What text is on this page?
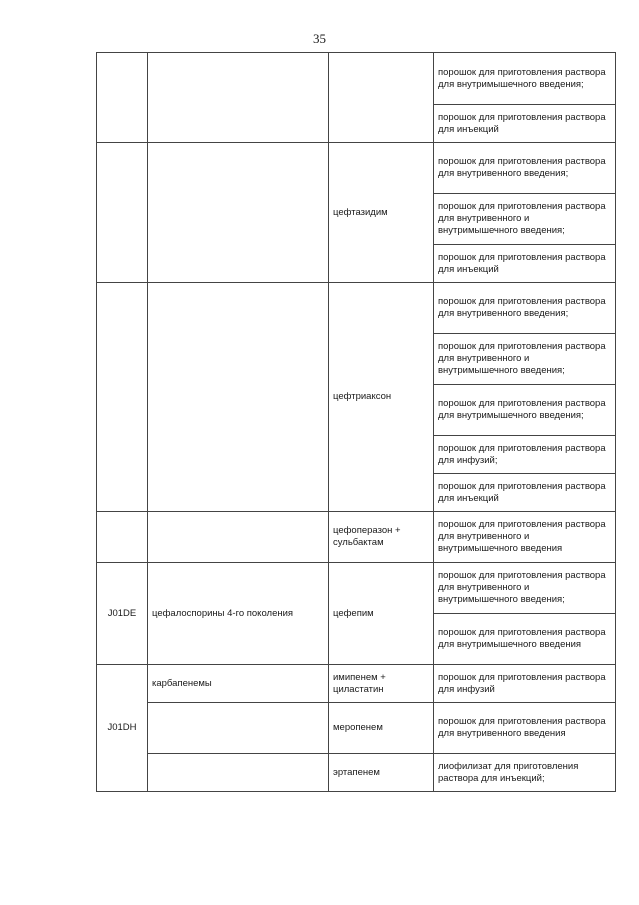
35
			порошок для приготовления раствора для внутримышечного введения;
			порошок для приготовления раствора для инъекций
		цефтазидим	порошок для приготовления раствора для внутривенного введения;
			порошок для приготовления раствора для внутривенного и внутримышечного введения;
			порошок для приготовления раствора для инъекций
		цефтриаксон	порошок для приготовления раствора для внутривенного введения;
			порошок для приготовления раствора для внутривенного и внутримышечного введения;
			порошок для приготовления раствора для внутримышечного введения;
			порошок для приготовления раствора для инфузий;
			порошок для приготовления раствора для инъекций
		цефоперазон + сульбактам	порошок для приготовления раствора для внутривенного и внутримышечного введения
J01DE	цефалоспорины 4-го поколения	цефепим	порошок для приготовления раствора для внутривенного и внутримышечного введения;
			порошок для приготовления раствора для внутримышечного введения
J01DH	карбапенемы	имипенем + циластатин	порошок для приготовления раствора для инфузий
		меропенем	порошок для приготовления раствора для внутривенного введения
		эртапенем	лиофилизат для приготовления раствора для инъекций;
